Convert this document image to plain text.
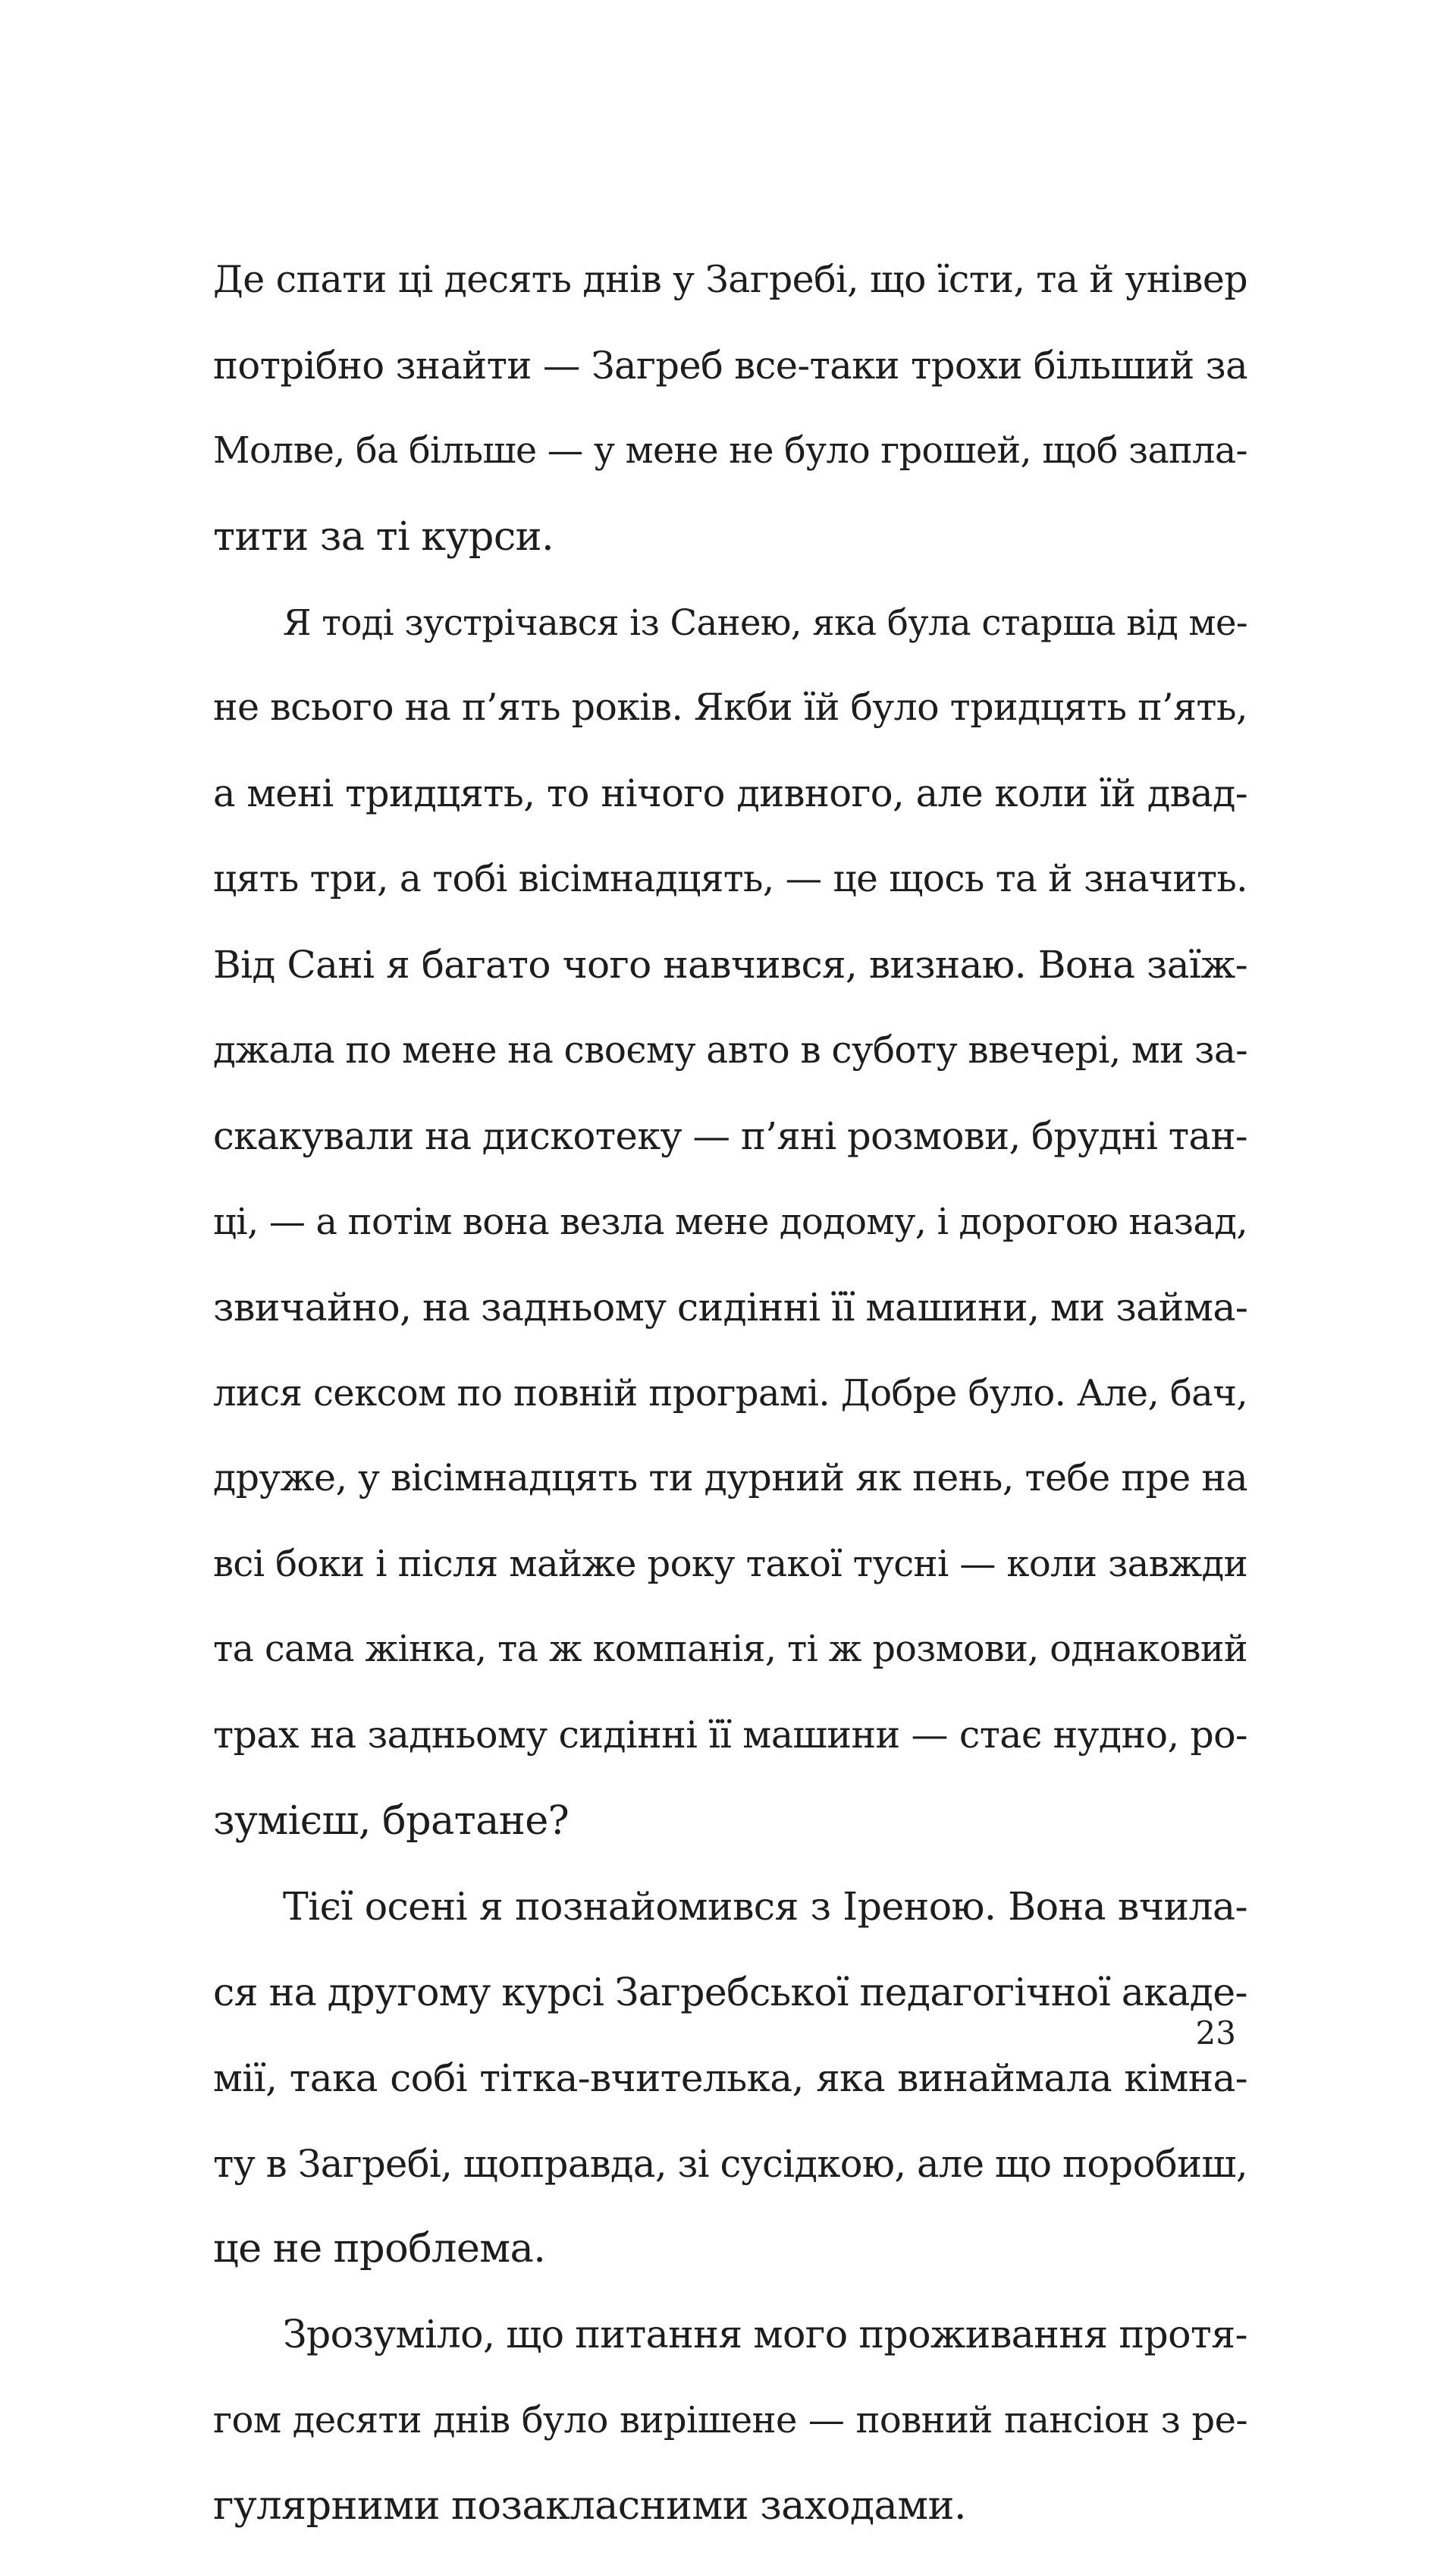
Де спати ці десять днів у Загребі, що їсти, та й універ
потрібно знайти — Загреб все-таки трохи більший за
Молве, ба більше — у мене не було грошей, щоб запла-
тити за ті курси.
Я тоді зустрічався із Санею, яка була старша від ме-
не всього на п’ять років. Якби їй було тридцять п’ять,
а мені тридцять, то нічого дивного, але коли їй двад-
цять три, а тобі вісімнадцять, — це щось та й значить.
Від Сані я багато чого навчився, визнаю. Вона заїж-
джала по мене на своєму авто в суботу ввечері, ми за-
скакували на дискотеку — п’яні розмови, брудні тан-
ці, — а потім вона везла мене додому, і дорогою назад,
звичайно, на задньому сидінні її машини, ми займа-
лися сексом по повній програмі. Добре було. Але, бач,
друже, у вісімнадцять ти дурний як пень, тебе пре на
всі боки і після майже року такої тусні — коли завжди
та сама жінка, та ж компанія, ті ж розмови, однаковий
трах на задньому сидінні її машини — стає нудно, ро-
зумієш, братане?
Тієї осені я познайомився з Іреною. Вона вчила-
ся на другому курсі Загребської педагогічної акаде-
мії, така собі тітка-вчителька, яка винаймала кімна-
ту в Загребі, щоправда, зі сусідкою, але що поробиш,
це не проблема.
Зрозуміло, що питання мого проживання протя-
гом десяти днів було вирішене — повний пансіон з ре-
гулярними позакласними заходами.
23
